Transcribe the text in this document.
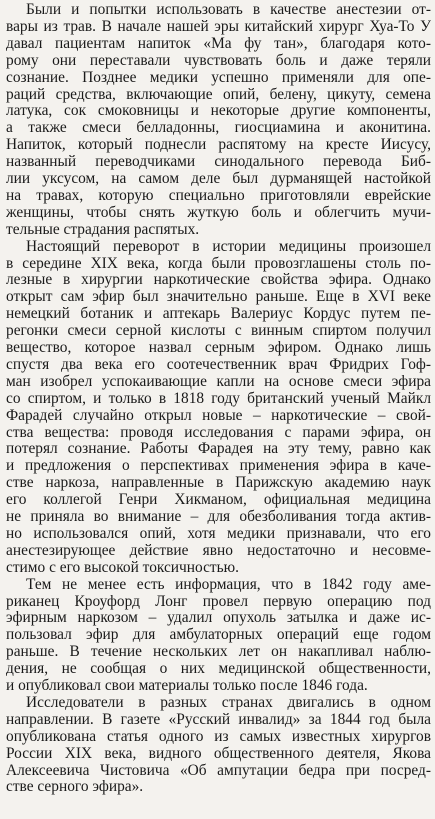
Были и попытки использовать в качестве анестезии от-
вары из трав. В начале нашей эры китайский хирург Хуа-То У
давал пациентам напиток «Ма фу тан», благодаря кото-
рому они переставали чувствовать боль и даже теряли
сознание. Позднее медики успешно применяли для опе-
раций средства, включающие опий, белену, цикуту, семена
латука, сок смоковницы и некоторые другие компоненты,
а также смеси белладонны, гиосциамина и аконитина.
Напиток, который поднесли распятому на кресте Иисусу,
названный переводчиками синодального перевода Биб-
лии уксусом, на самом деле был дурманящей настойкой
на травах, которую специально приготовляли еврейские
женщины, чтобы снять жуткую боль и облегчить мучи-
тельные страдания распятых.
Настоящий переворот в истории медицины произошел
в середине XIX века, когда были провозглашены столь по-
лезные в хирургии наркотические свойства эфира. Однако
открыт сам эфир был значительно раньше. Еще в XVI веке
немецкий ботаник и аптекарь Валериус Кордус путем пе-
регонки смеси серной кислоты с винным спиртом получил
вещество, которое назвал серным эфиром. Однако лишь
спустя два века его соотечественник врач Фридрих Гоф-
ман изобрел успокаивающие капли на основе смеси эфира
со спиртом, и только в 1818 году британский ученый Майкл
Фарадей случайно открыл новые – наркотические – свой-
ства вещества: проводя исследования с парами эфира, он
потерял сознание. Работы Фарадея на эту тему, равно как
и предложения о перспективах применения эфира в каче-
стве наркоза, направленные в Парижскую академию наук
его коллегой Генри Хикманом, официальная медицина
не приняла во внимание – для обезболивания тогда актив-
но использовался опий, хотя медики признавали, что его
анестезирующее действие явно недостаточно и несовме-
стимо с его высокой токсичностью.
Тем не менее есть информация, что в 1842 году аме-
риканец Кроуфорд Лонг провел первую операцию под
эфирным наркозом – удалил опухоль затылка и даже ис-
пользовал эфир для амбулаторных операций еще годом
раньше. В течение нескольких лет он накапливал наблю-
дения, не сообщая о них медицинской общественности,
и опубликовал свои материалы только после 1846 года.
Исследователи в разных странах двигались в одном
направлении. В газете «Русский инвалид» за 1844 год была
опубликована статья одного из самых известных хирургов
России XIX века, видного общественного деятеля, Якова
Алексеевича Чистовича «Об ампутации бедра при посред-
стве серного эфира».
